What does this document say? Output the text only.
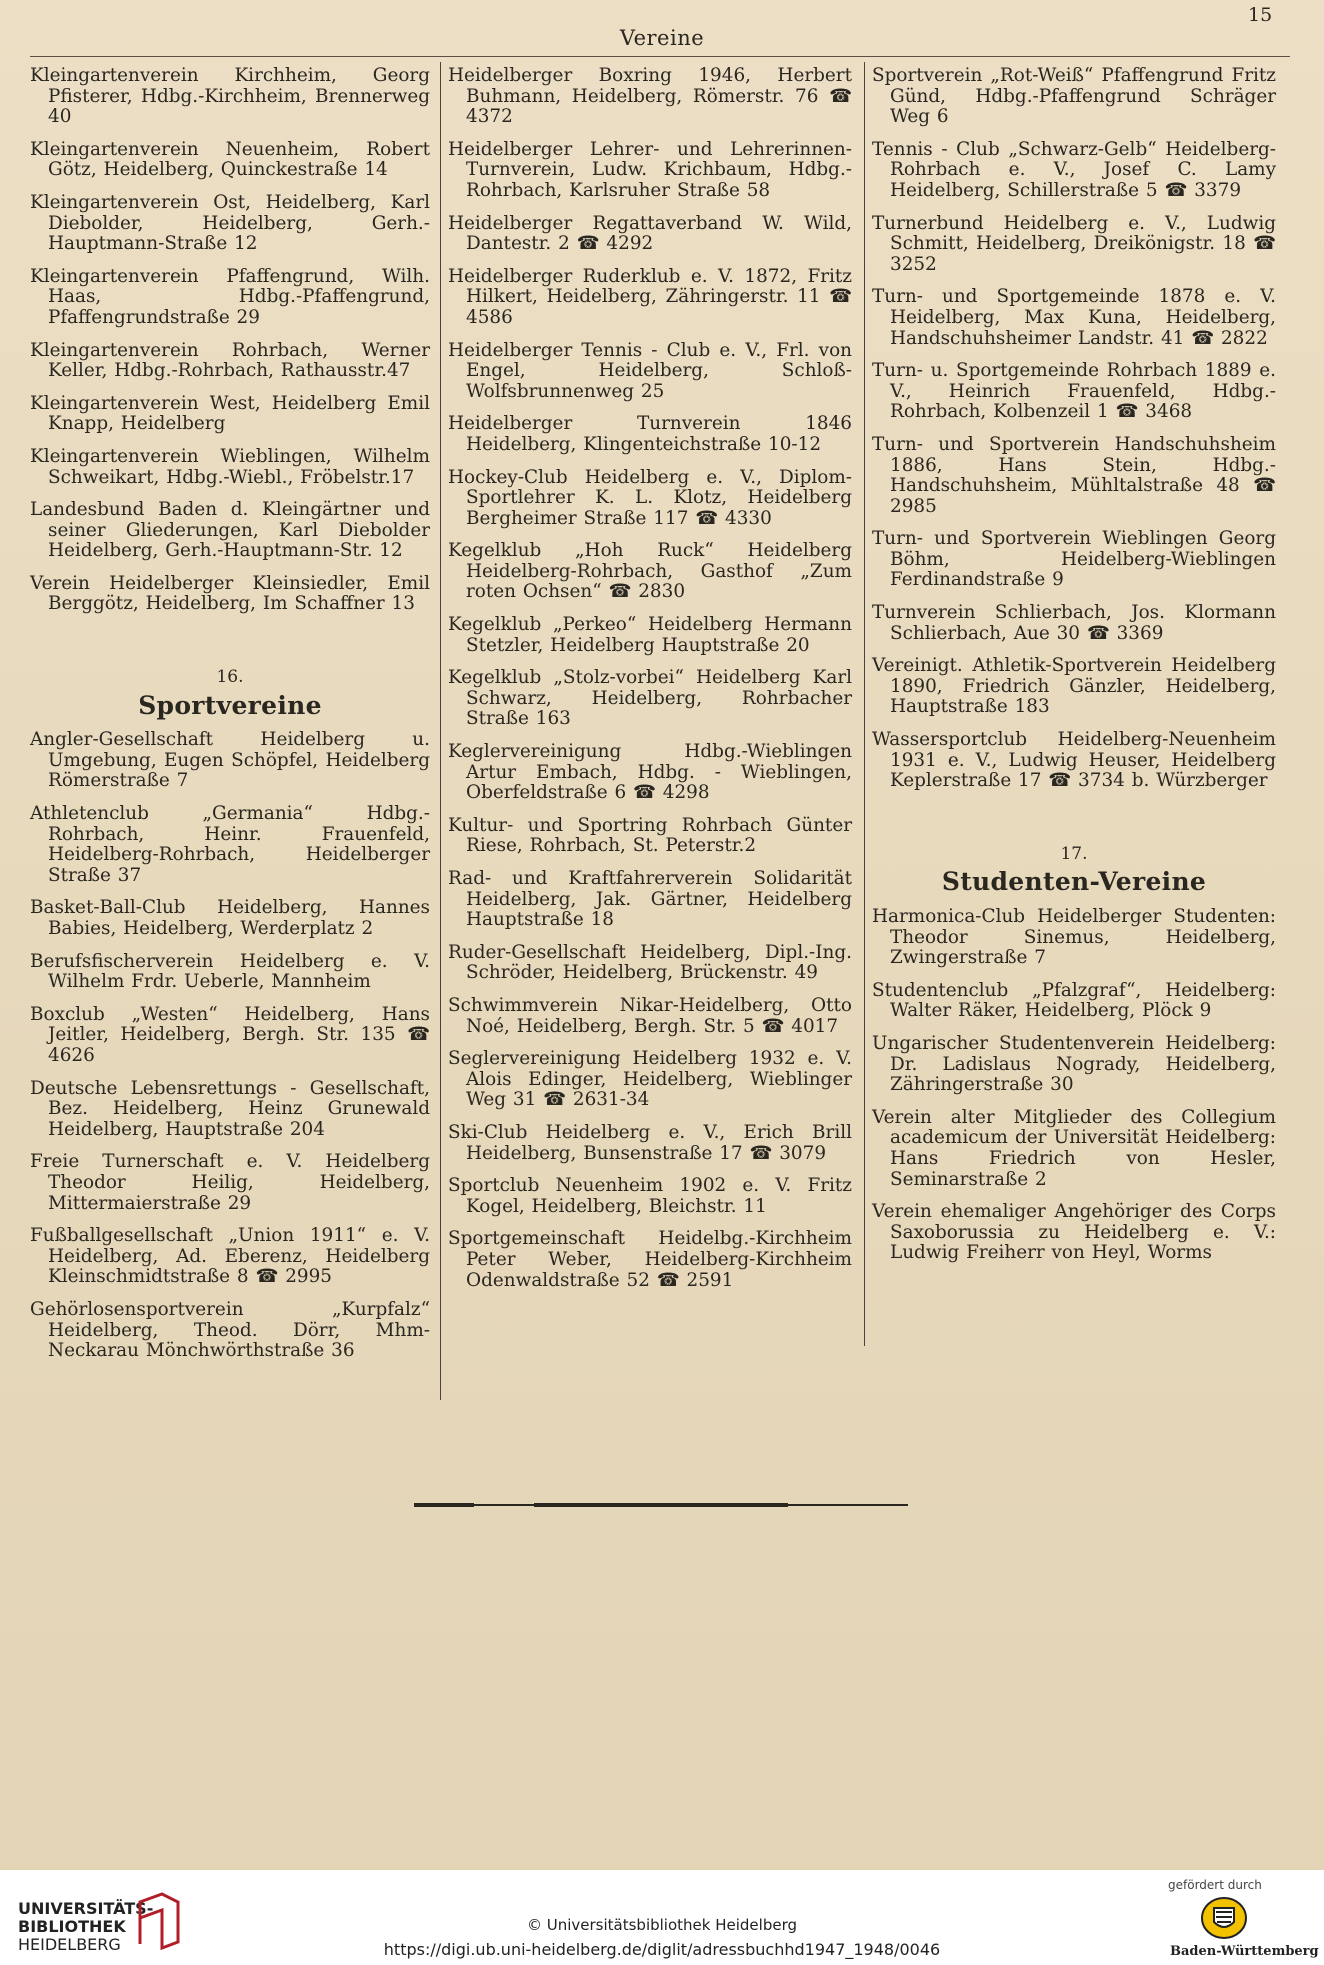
15
Vereine
Kleingartenverein Kirchheim, Georg Pfisterer, Hdbg.-Kirchheim, Brennerweg 40
Kleingartenverein Neuenheim, Robert Götz, Heidelberg, Quinckestraße 14
Kleingartenverein Ost, Heidelberg, Karl Diebolder, Heidelberg, Gerh.-Hauptmann-Straße 12
Kleingartenverein Pfaffengrund, Wilh. Haas, Hdbg.-Pfaffengrund, Pfaffengrundstraße 29
Kleingartenverein Rohrbach, Werner Keller, Hdbg.-Rohrbach, Rathausstr.47
Kleingartenverein West, Heidelberg Emil Knapp, Heidelberg
Kleingartenverein Wieblingen, Wilhelm Schweikart, Hdbg.-Wiebl., Fröbelstr.17
Landesbund Baden d. Kleingärtner und seiner Gliederungen, Karl Diebolder Heidelberg, Gerh.-Hauptmann-Str. 12
Verein Heidelberger Kleinsiedler, Emil Berggötz, Heidelberg, Im Schaffner 13
16.
Sportvereine
Angler-Gesellschaft Heidelberg u. Umgebung, Eugen Schöpfel, Heidelberg Römerstraße 7
Athletenclub „Germania“ Hdbg.-Rohrbach, Heinr. Frauenfeld, Heidelberg-Rohrbach, Heidelberger Straße 37
Basket-Ball-Club Heidelberg, Hannes Babies, Heidelberg, Werderplatz 2
Berufsfischerverein Heidelberg e. V. Wilhelm Frdr. Ueberle, Mannheim
Boxclub „Westen“ Heidelberg, Hans Jeitler, Heidelberg, Bergh. Str. 135 ☎ 4626
Deutsche Lebensrettungs - Gesellschaft, Bez. Heidelberg, Heinz Grunewald Heidelberg, Hauptstraße 204
Freie Turnerschaft e. V. Heidelberg Theodor Heilig, Heidelberg, Mittermaierstraße 29
Fußballgesellschaft „Union 1911“ e. V. Heidelberg, Ad. Eberenz, Heidelberg Kleinschmidtstraße 8 ☎ 2995
Gehörlosensportverein „Kurpfalz“ Heidelberg, Theod. Dörr, Mhm-Neckarau Mönchwörthstraße 36
Heidelberger Boxring 1946, Herbert Buhmann, Heidelberg, Römerstr. 76 ☎ 4372
Heidelberger Lehrer- und Lehrerinnen-Turnverein, Ludw. Krichbaum, Hdbg.-Rohrbach, Karlsruher Straße 58
Heidelberger Regattaverband W. Wild, Dantestr. 2 ☎ 4292
Heidelberger Ruderklub e. V. 1872, Fritz Hilkert, Heidelberg, Zähringerstr. 11 ☎ 4586
Heidelberger Tennis - Club e. V., Frl. von Engel, Heidelberg, Schloß-Wolfsbrunnenweg 25
Heidelberger Turnverein 1846 Heidelberg, Klingenteichstraße 10-12
Hockey-Club Heidelberg e. V., Diplom-Sportlehrer K. L. Klotz, Heidelberg Bergheimer Straße 117 ☎ 4330
Kegelklub „Hoh Ruck“ Heidelberg Heidelberg-Rohrbach, Gasthof „Zum roten Ochsen“ ☎ 2830
Kegelklub „Perkeo“ Heidelberg Hermann Stetzler, Heidelberg Hauptstraße 20
Kegelklub „Stolz-vorbei“ Heidelberg Karl Schwarz, Heidelberg, Rohrbacher Straße 163
Keglervereinigung Hdbg.-Wieblingen Artur Embach, Hdbg. - Wieblingen, Oberfeldstraße 6 ☎ 4298
Kultur- und Sportring Rohrbach Günter Riese, Rohrbach, St. Peterstr.2
Rad- und Kraftfahrerverein Solidarität Heidelberg, Jak. Gärtner, Heidelberg Hauptstraße 18
Ruder-Gesellschaft Heidelberg, Dipl.-Ing. Schröder, Heidelberg, Brückenstr. 49
Schwimmverein Nikar-Heidelberg, Otto Noé, Heidelberg, Bergh. Str. 5 ☎ 4017
Seglervereinigung Heidelberg 1932 e. V. Alois Edinger, Heidelberg, Wieblinger Weg 31 ☎ 2631-34
Ski-Club Heidelberg e. V., Erich Brill Heidelberg, Bunsenstraße 17 ☎ 3079
Sportclub Neuenheim 1902 e. V. Fritz Kogel, Heidelberg, Bleichstr. 11
Sportgemeinschaft Heidelbg.-Kirchheim Peter Weber, Heidelberg-Kirchheim Odenwaldstraße 52 ☎ 2591
Sportverein „Rot-Weiß“ Pfaffengrund Fritz Günd, Hdbg.-Pfaffengrund Schräger Weg 6
Tennis - Club „Schwarz-Gelb“ Heidelberg-Rohrbach e. V., Josef C. Lamy Heidelberg, Schillerstraße 5 ☎ 3379
Turnerbund Heidelberg e. V., Ludwig Schmitt, Heidelberg, Dreikönigstr. 18 ☎ 3252
Turn- und Sportgemeinde 1878 e. V. Heidelberg, Max Kuna, Heidelberg, Handschuhsheimer Landstr. 41 ☎ 2822
Turn- u. Sportgemeinde Rohrbach 1889 e. V., Heinrich Frauenfeld, Hdbg.-Rohrbach, Kolbenzeil 1 ☎ 3468
Turn- und Sportverein Handschuhsheim 1886, Hans Stein, Hdbg.-Handschuhsheim, Mühltalstraße 48 ☎ 2985
Turn- und Sportverein Wieblingen Georg Böhm, Heidelberg-Wieblingen Ferdinandstraße 9
Turnverein Schlierbach, Jos. Klormann Schlierbach, Aue 30 ☎ 3369
Vereinigt. Athletik-Sportverein Heidelberg 1890, Friedrich Gänzler, Heidelberg, Hauptstraße 183
Wassersportclub Heidelberg-Neuenheim 1931 e. V., Ludwig Heuser, Heidelberg Keplerstraße 17 ☎ 3734 b. Würzberger
17.
Studenten-Vereine
Harmonica-Club Heidelberger Studenten: Theodor Sinemus, Heidelberg, Zwingerstraße 7
Studentenclub „Pfalzgraf“, Heidelberg: Walter Räker, Heidelberg, Plöck 9
Ungarischer Studentenverein Heidelberg: Dr. Ladislaus Nogrady, Heidelberg, Zähringerstraße 30
Verein alter Mitglieder des Collegium academicum der Universität Heidelberg: Hans Friedrich von Hesler, Seminarstraße 2
Verein ehemaliger Angehöriger des Corps Saxoborussia zu Heidelberg e. V.: Ludwig Freiherr von Heyl, Worms
UNIVERSITÄTS-
BIBLIOTHEK
HEIDELBERG
© Universitätsbibliothek Heidelberg
https://digi.ub.uni-heidelberg.de/diglit/adressbuchhd1947_1948/0046
gefördert durch
Baden-Württemberg
